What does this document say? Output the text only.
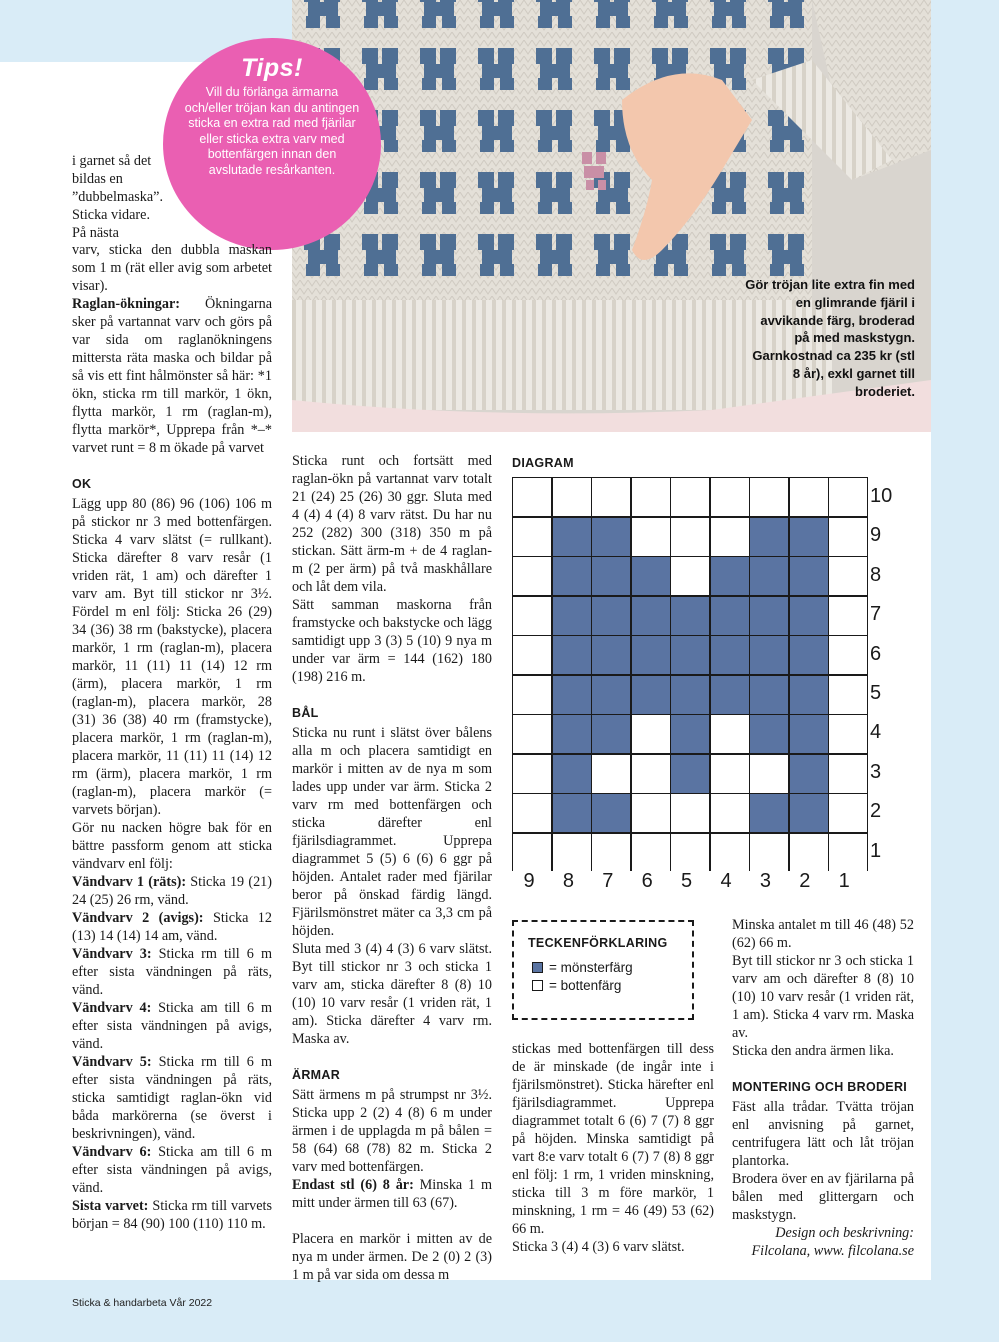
Tips!
Vill du förlänga ärmarna och/eller tröjan kan du antingen sticka en extra rad med fjärilar eller sticka extra varv med bottenfärgen innan den avslutade resårkanten.
Gör tröjan lite extra fin med en glimrande fjäril i avvikande färg, broderad på med maskstygn. Garnkostnad ca 235 kr (stl 8 år), exkl garnet till broderiet.

i garnet så det bildas en ”dubbelmaska”. Sticka vidare. På nästa

varv, sticka den dubbla maskan som 1 m (rät eller avig som arbetet visar).

Raglan-ökningar: Ökningarna sker på vartannat varv och görs på var sida om raglanökningens mittersta räta maska och bildar på så vis ett fint hålmönster så här: *1 ökn, sticka rm till markör, 1 ökn, flytta markör, 1 rm (raglan-m), flytta markör*, Upprepa från *–* varvet runt = 8 m ökade på varvet

OK

Lägg upp 80 (86) 96 (106) 106 m på stickor nr 3 med bottenfärgen. Sticka 4 varv slätst (= rullkant). Sticka därefter 8 varv resår (1 vriden rät, 1 am) och därefter 1 varv am. Byt till stickor nr 3½. Fördel m enl följ: Sticka 26 (29) 34 (36) 38 rm (bakstycke), placera markör, 1 rm (raglan-m), placera markör, 11 (11) 11 (14) 12 rm (ärm), placera markör, 1 rm (raglan-m), placera markör, 28 (31) 36 (38) 40 rm (framstycke), placera markör, 1 rm (raglan-m), placera markör, 11 (11) 11 (14) 12 rm (ärm), placera markör, 1 rm (raglan-m), placera markör (= varvets början).

Gör nu nacken högre bak för en bättre passform genom att sticka vändvarv enl följ:

Vändvarv 1 (räts): Sticka 19 (21) 24 (25) 26 rm, vänd.

Vändvarv 2 (avigs): Sticka 12 (13) 14 (14) 14 am, vänd.

Vändvarv 3: Sticka rm till 6 m efter sista vändningen på räts, vänd.

Vändvarv 4: Sticka am till 6 m efter sista vändningen på avigs, vänd.

Vändvarv 5: Sticka rm till 6 m efter sista vändningen på räts, sticka samtidigt raglan-ökn vid båda markörerna (se överst i beskrivningen), vänd.

Vändvarv 6: Sticka am till 6 m efter sista vändningen på avigs, vänd.

Sista varvet: Sticka rm till varvets början = 84 (90) 100 (110) 110 m.

Sticka runt och fortsätt med raglan-ökn på vartannat varv totalt 21 (24) 25 (26) 30 ggr. Sluta med 4 (4) 4 (4) 8 varv rätst. Du har nu 252 (282) 300 (318) 350 m på stickan. Sätt ärm-m + de 4 raglan-m (2 per ärm) på två maskhållare och låt dem vila.

Sätt samman maskorna från framstycke och bakstycke och lägg samtidigt upp 3 (3) 5 (10) 9 nya m under var ärm = 144 (162) 180 (198) 216 m.

BÅL

Sticka nu runt i slätst över bålens alla m och placera samtidigt en markör i mitten av de nya m som lades upp under var ärm. Sticka 2 varv rm med bottenfärgen och sticka därefter enl fjärilsdiagrammet. Upprepa diagrammet 5 (5) 6 (6) 6 ggr på höjden. Antalet rader med fjärilar beror på önskad färdig längd. Fjärilsmönstret mäter ca 3,3 cm på höjden.

Sluta med 3 (4) 4 (3) 6 varv slätst. Byt till stickor nr 3 och sticka 1 varv am, sticka därefter 8 (8) 10 (10) 10 varv resår (1 vriden rät, 1 am). Sticka därefter 4 varv rm. Maska av.

ÄRMAR

Sätt ärmens m på strumpst nr 3½. Sticka upp 2 (2) 4 (8) 6 m under ärmen i de upplagda m på bålen = 58 (64) 68 (78) 82 m. Sticka 2 varv med bottenfärgen.

Endast stl (6) 8 år: Minska 1 m mitt under ärmen till 63 (67).

Placera en markör i mitten av de nya m under ärmen. De 2 (0) 2 (3) 1 m på var sida om dessa m

DIAGRAM
10
9
8
7
6
5
4
3
2
1
9	8	7	6	5	4	3	2	1
TECKENFÖRKLARING
= mönsterfärg
= bottenfärg

stickas med bottenfärgen till dess de är minskade (de ingår inte i fjärilsmönstret). Sticka härefter enl fjärilsdiagrammet. Upprepa diagrammet totalt 6 (6) 7 (7) 8 ggr på höjden. Minska samtidigt på vart 8:e varv totalt 6 (7) 7 (8) 8 ggr enl följ: 1 rm, 1 vriden minskning, sticka till 3 m före markör, 1 minskning, 1 rm = 46 (49) 53 (62) 66 m.

Sticka 3 (4) 4 (3) 6 varv slätst.

Minska antalet m till 46 (48) 52 (62) 66 m.

Byt till stickor nr 3 och sticka 1 varv am och därefter 8 (8) 10 (10) 10 varv resår (1 vriden rät, 1 am). Sticka 4 varv rm. Maska av.

Sticka den andra ärmen lika.

MONTERING OCH BRODERI

Fäst alla trådar. Tvätta tröjan enl anvisning på garnet, centrifugera lätt och låt tröjan plantorka.

Brodera över en av fjärilarna på bålen med glittergarn och maskstygn.

Design och beskrivning: Filcolana, www. filcolana.se

Sticka & handarbeta Vår 2022
